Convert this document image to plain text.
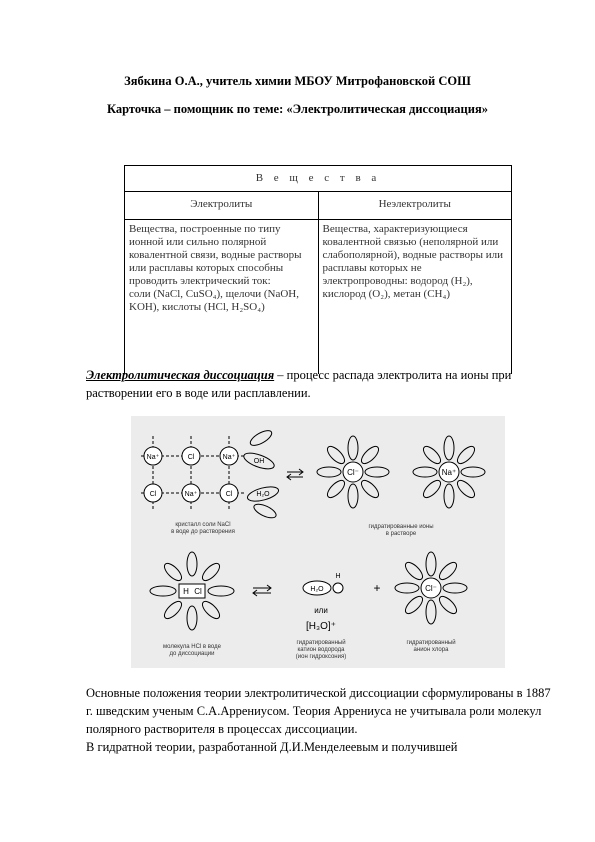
Зябкина О.А., учитель химии МБОУ Митрофановской СОШ
Карточка – помощник по теме: «Электролитическая диссоциация»
В е щ е с т в а	
Электролиты	Неэлектролиты
Вещества, построенные по типу ионной или сильно полярной ковалентной связи, водные растворы или расплавы которых способны проводить электрический ток:
соли (NaCl, CuSO₄), щелочи (NaOH, KOH), кислоты (HCl, H₂SO₄)	Вещества, характеризующиеся ковалентной связью (неполярной или слабополярной), водные растворы или расплавы которых не электропроводны: водород (H₂), кислород (O₂), метан (CH₄)
Электролитическая диссоциация – процесс распада электролита на ионы при растворении его в воде или расплавлении.
Na⁺	Cl	Na⁺
Cl	Na⁺	Cl
OH
H₂O
кристалл соли NaCl
в воде до растворения
Cl⁻	Na⁺
гидратированные ионы
в растворе
H Cl
молекула HCl в воде
до диссоциации
H₂O
H
или
[H₃O]⁺
+
гидратированный
катион водорода
(ион гидроксония)
Cl⁻
гидратированный
анион хлора

Основные положения теории электролитической диссоциации сформулированы в 1887 г. шведским ученым С.А.Аррениусом. Теория Аррениуса не учитывала роли молекул полярного растворителя в процессах диссоциации.

В гидратной теории, разработанной Д.И.Менделеевым и получившей
